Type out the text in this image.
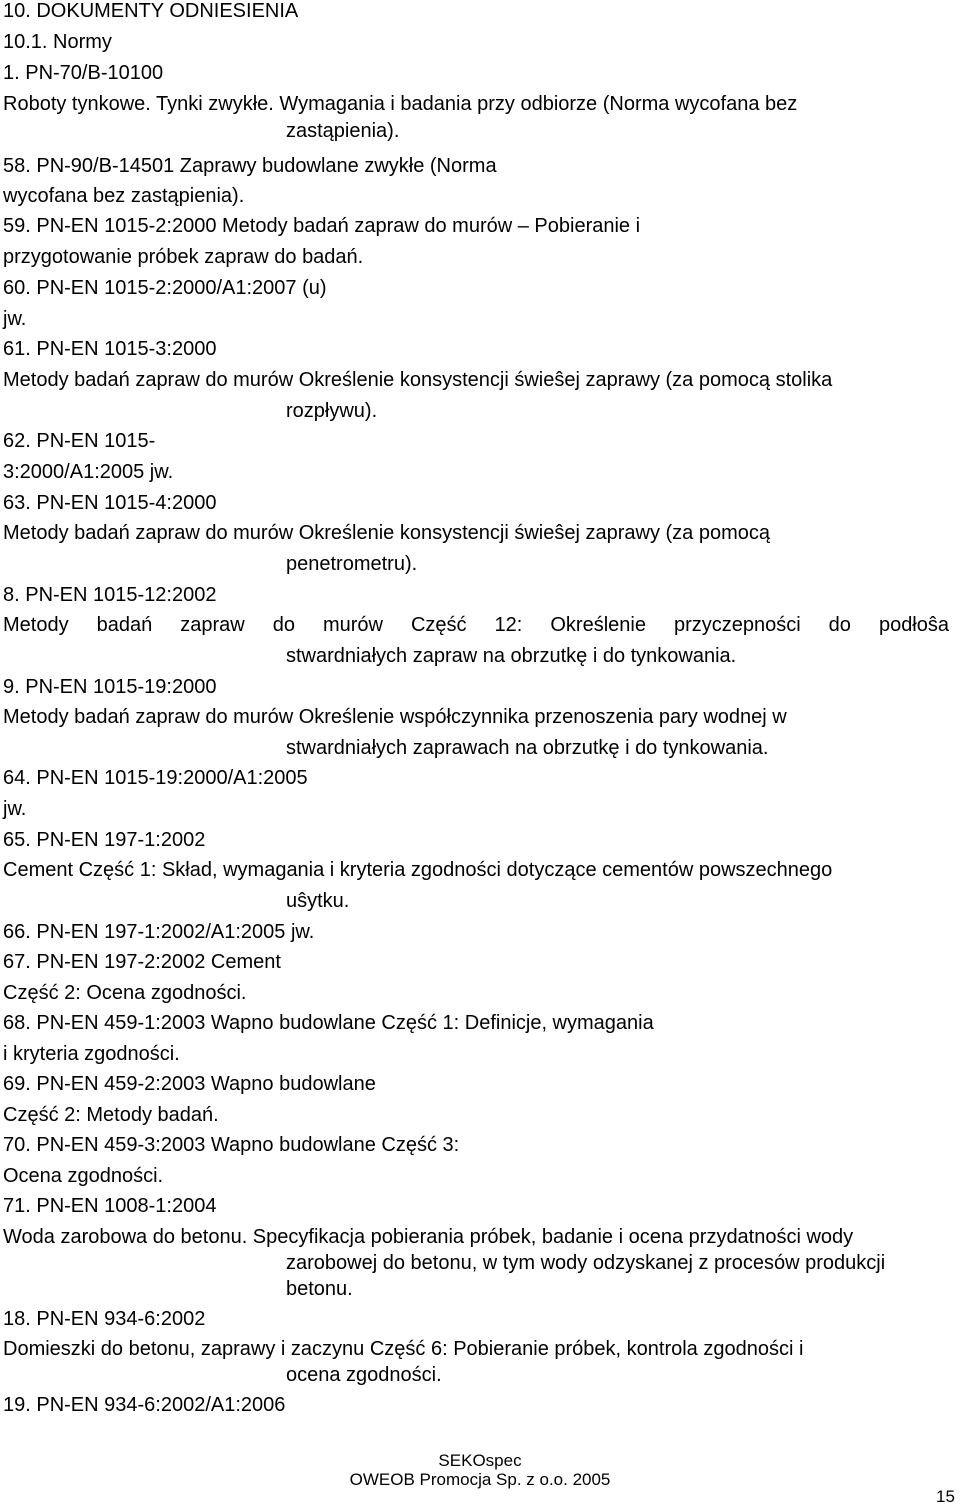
10. DOKUMENTY ODNIESIENIA
10.1. Normy
1. PN-70/B-10100
Roboty tynkowe. Tynki zwykłe. Wymagania i badania przy odbiorze (Norma wycofana bez
zastąpienia).
58. PN-90/B-14501 Zaprawy budowlane zwykłe (Norma
wycofana bez zastąpienia).
59. PN-EN 1015-2:2000 Metody badań zapraw do murów – Pobieranie i
przygotowanie próbek zapraw do badań.
60. PN-EN 1015-2:2000/A1:2007 (u)
jw.
61. PN-EN 1015-3:2000
Metody badań zapraw do murów Określenie konsystencji świeŝej zaprawy (za pomocą stolika
rozpływu).
62. PN-EN 1015-
3:2000/A1:2005 jw.
63. PN-EN 1015-4:2000
Metody badań zapraw do murów Określenie konsystencji świeŝej zaprawy (za pomocą
penetrometru).
8. PN-EN 1015-12:2002
Metody badań zapraw do murów Część 12: Określenie przyczepności do podłoŝa
stwardniałych zapraw na obrzutkę i do tynkowania.
9. PN-EN 1015-19:2000
Metody badań zapraw do murów Określenie współczynnika przenoszenia pary wodnej w
stwardniałych zaprawach na obrzutkę i do tynkowania.
64. PN-EN 1015-19:2000/A1:2005
jw.
65. PN-EN 197-1:2002
Cement Część 1: Skład, wymagania i kryteria zgodności dotyczące cementów powszechnego
uŝytku.
66. PN-EN 197-1:2002/A1:2005 jw.
67. PN-EN 197-2:2002 Cement
Część 2: Ocena zgodności.
68. PN-EN 459-1:2003 Wapno budowlane Część 1: Definicje, wymagania
i kryteria zgodności.
69. PN-EN 459-2:2003 Wapno budowlane
Część 2: Metody badań.
70. PN-EN 459-3:2003 Wapno budowlane Część 3:
Ocena zgodności.
71. PN-EN 1008-1:2004
Woda zarobowa do betonu. Specyfikacja pobierania próbek, badanie i ocena przydatności wody
zarobowej do betonu, w tym wody odzyskanej z procesów produkcji
betonu.
18. PN-EN 934-6:2002
Domieszki do betonu, zaprawy i zaczynu Część 6: Pobieranie próbek, kontrola zgodności i
ocena zgodności.
19. PN-EN 934-6:2002/A1:2006
SEKOspec
OWEOB Promocja Sp. z o.o. 2005
15
